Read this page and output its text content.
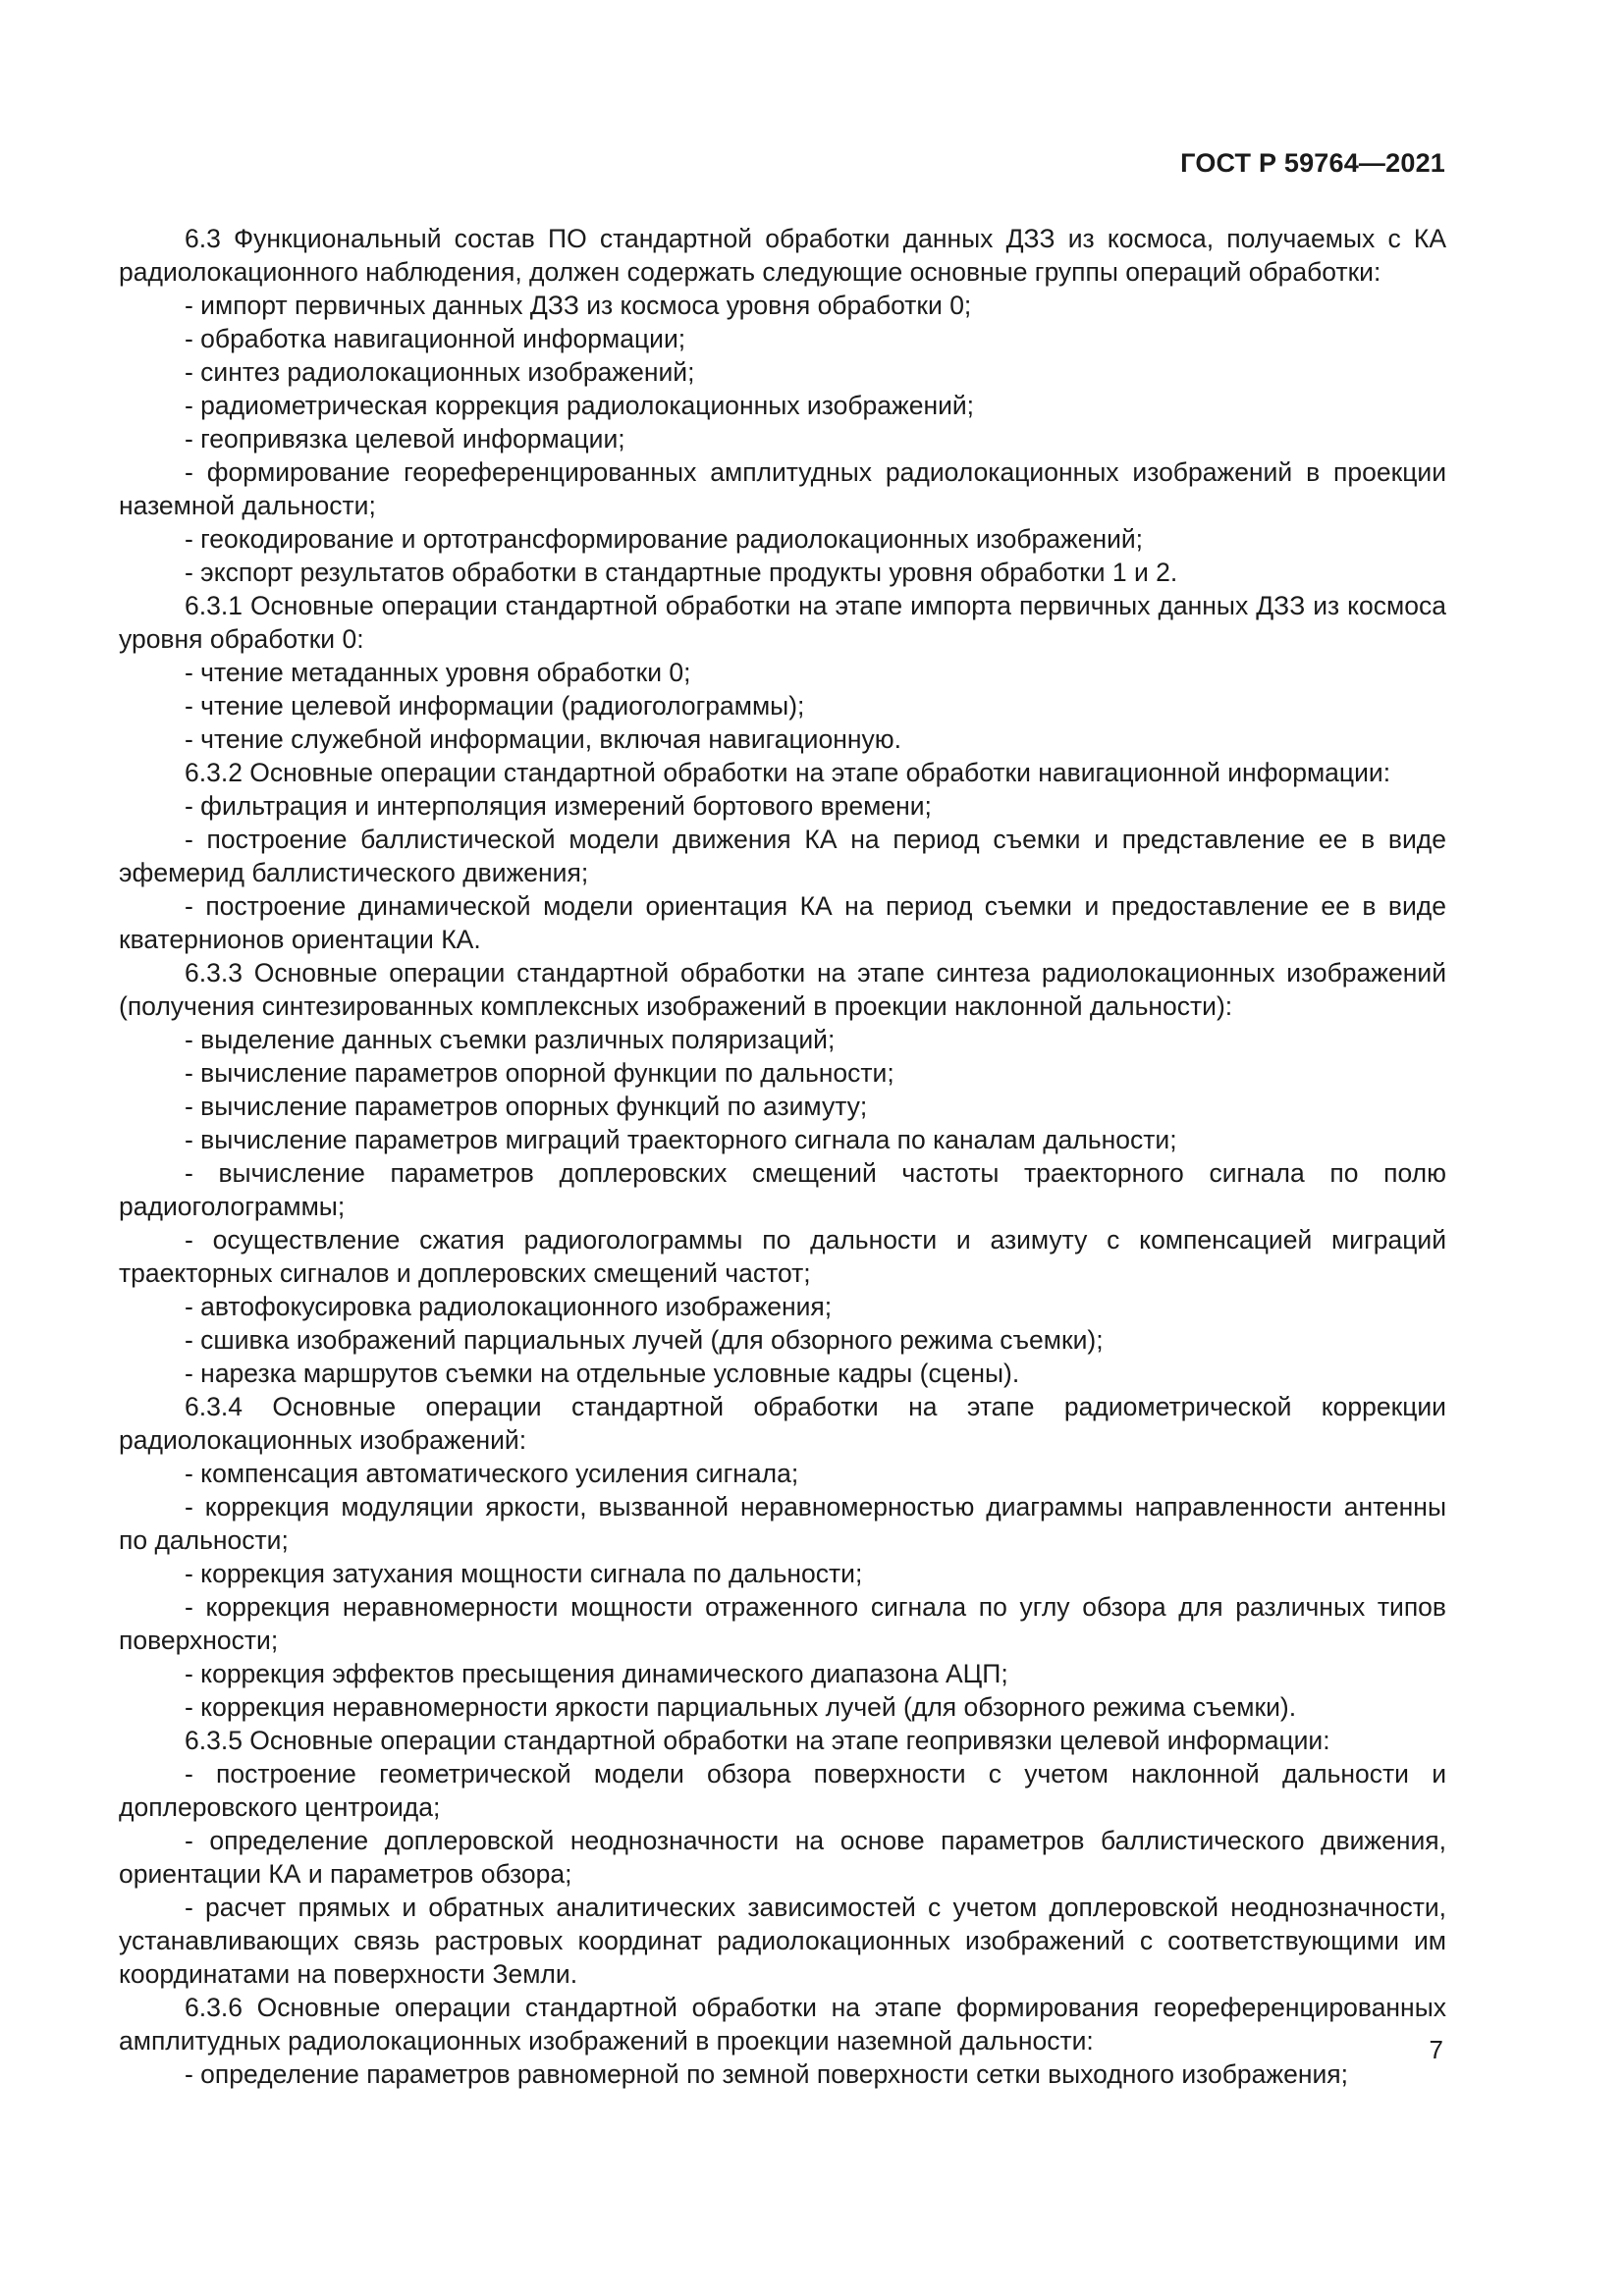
ГОСТ Р 59764—2021

6.3 Функциональный состав ПО стандартной обработки данных ДЗЗ из космоса, получаемых с КА радиолокационного наблюдения, должен содержать следующие основные группы операций обработки:

- импорт первичных данных ДЗЗ из космоса уровня обработки 0;

- обработка навигационной информации;

- синтез радиолокационных изображений;

- радиометрическая коррекция радиолокационных изображений;

- геопривязка целевой информации;

- формирование геореференцированных амплитудных радиолокационных изображений в проекции наземной дальности;

- геокодирование и ортотрансформирование радиолокационных изображений;

- экспорт результатов обработки в стандартные продукты уровня обработки 1 и 2.

6.3.1 Основные операции стандартной обработки на этапе импорта первичных данных ДЗЗ из космоса уровня обработки 0:

- чтение метаданных уровня обработки 0;

- чтение целевой информации (радиоголограммы);

- чтение служебной информации, включая навигационную.

6.3.2 Основные операции стандартной обработки на этапе обработки навигационной информации:

- фильтрация и интерполяция измерений бортового времени;

- построение баллистической модели движения КА на период съемки и представление ее в виде эфемерид баллистического движения;

- построение динамической модели ориентация КА на период съемки и предоставление ее в виде кватернионов ориентации КА.

6.3.3 Основные операции стандартной обработки на этапе синтеза радиолокационных изображений (получения синтезированных комплексных изображений в проекции наклонной дальности):

- выделение данных съемки различных поляризаций;

- вычисление параметров опорной функции по дальности;

- вычисление параметров опорных функций по азимуту;

- вычисление параметров миграций траекторного сигнала по каналам дальности;

- вычисление параметров доплеровских смещений частоты траекторного сигнала по полю радиоголограммы;

- осуществление сжатия радиоголограммы по дальности и азимуту с компенсацией миграций траекторных сигналов и доплеровских смещений частот;

- автофокусировка радиолокационного изображения;

- сшивка изображений парциальных лучей (для обзорного режима съемки);

- нарезка маршрутов съемки на отдельные условные кадры (сцены).

6.3.4 Основные операции стандартной обработки на этапе радиометрической коррекции радиолокационных изображений:

- компенсация автоматического усиления сигнала;

- коррекция модуляции яркости, вызванной неравномерностью диаграммы направленности антенны по дальности;

- коррекция затухания мощности сигнала по дальности;

- коррекция неравномерности мощности отраженного сигнала по углу обзора для различных типов поверхности;

- коррекция эффектов пресыщения динамического диапазона АЦП;

- коррекция неравномерности яркости парциальных лучей (для обзорного режима съемки).

6.3.5 Основные операции стандартной обработки на этапе геопривязки целевой информации:

- построение геометрической модели обзора поверхности с учетом наклонной дальности и доплеровского центроида;

- определение доплеровской неоднозначности на основе параметров баллистического движения, ориентации КА и параметров обзора;

- расчет прямых и обратных аналитических зависимостей с учетом доплеровской неоднозначности, устанавливающих связь растровых координат радиолокационных изображений с соответствующими им координатами на поверхности Земли.

6.3.6 Основные операции стандартной обработки на этапе формирования геореференцированных амплитудных радиолокационных изображений в проекции наземной дальности:

- определение параметров равномерной по земной поверхности сетки выходного изображения;

7
